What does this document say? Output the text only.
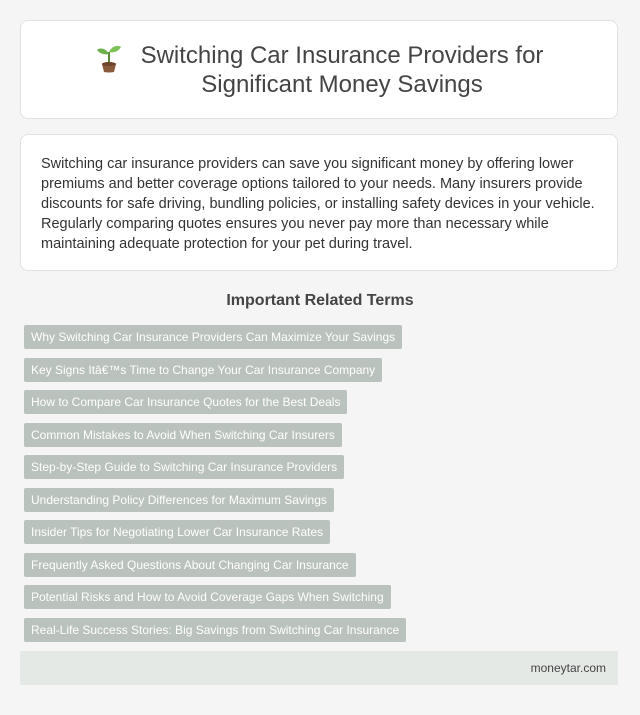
Switching Car Insurance Providers for
Significant Money Savings

Switching car insurance providers can save you significant money by offering lower premiums and better coverage options tailored to your needs. Many insurers provide discounts for safe driving, bundling policies, or installing safety devices in your vehicle. Regularly comparing quotes ensures you never pay more than necessary while maintaining adequate protection for your pet during travel.

Important Related Terms
Why Switching Car Insurance Providers Can Maximize Your Savings
Key Signs Itâ€™s Time to Change Your Car Insurance Company
How to Compare Car Insurance Quotes for the Best Deals
Common Mistakes to Avoid When Switching Car Insurers
Step-by-Step Guide to Switching Car Insurance Providers
Understanding Policy Differences for Maximum Savings
Insider Tips for Negotiating Lower Car Insurance Rates
Frequently Asked Questions About Changing Car Insurance
Potential Risks and How to Avoid Coverage Gaps When Switching
Real-Life Success Stories: Big Savings from Switching Car Insurance
moneytar.com
